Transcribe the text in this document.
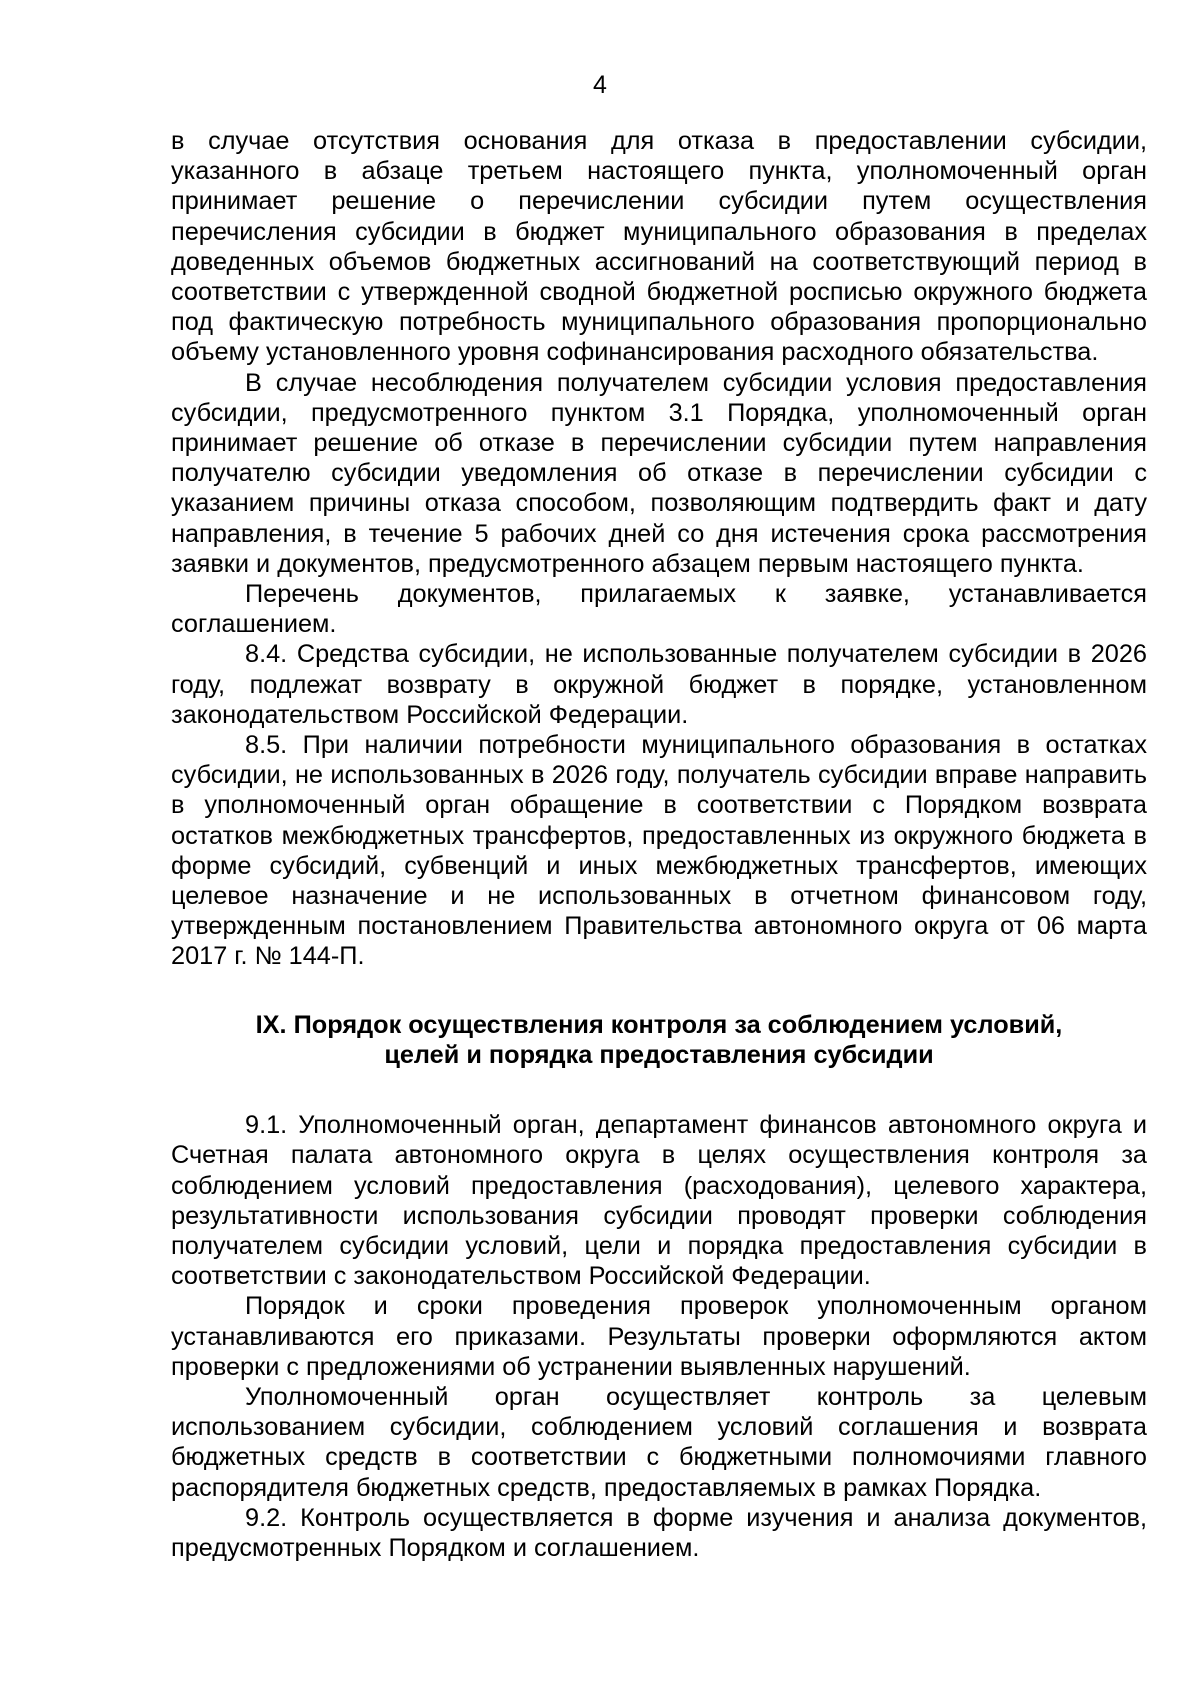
4

в случае отсутствия основания для отказа в предоставлении субсидии, указанного в абзаце третьем настоящего пункта, уполномоченный орган принимает решение о перечислении субсидии путем осуществления перечисления субсидии в бюджет муниципального образования в пределах доведенных объемов бюджетных ассигнований на соответствующий период в соответствии с утвержденной сводной бюджетной росписью окружного бюджета под фактическую потребность муниципального образования пропорционально объему установленного уровня софинансирования расходного обязательства.

В случае несоблюдения получателем субсидии условия предоставления субсидии, предусмотренного пунктом 3.1 Порядка, уполномоченный орган принимает решение об отказе в перечислении субсидии путем направления получателю субсидии уведомления об отказе в перечислении субсидии с указанием причины отказа способом, позволяющим подтвердить факт и дату направления, в течение 5 рабочих дней со дня истечения срока рассмотрения заявки и документов, предусмотренного абзацем первым настоящего пункта.

Перечень документов, прилагаемых к заявке, устанавливается соглашением.

8.4. Средства субсидии, не использованные получателем субсидии в 2026 году, подлежат возврату в окружной бюджет в порядке, установленном законодательством Российской Федерации.

8.5. При наличии потребности муниципального образования в остатках субсидии, не использованных в 2026 году, получатель субсидии вправе направить в уполномоченный орган обращение в соответствии с Порядком возврата остатков межбюджетных трансфертов, предоставленных из окружного бюджета в форме субсидий, субвенций и иных межбюджетных трансфертов, имеющих целевое назначение и не использованных в отчетном финансовом году, утвержденным постановлением Правительства автономного округа от 06 марта 2017 г. № 144-П.

IX. Порядок осуществления контроля за соблюдением условий,
целей и порядка предоставления субсидии

9.1. Уполномоченный орган, департамент финансов автономного округа и Счетная палата автономного округа в целях осуществления контроля за соблюдением условий предоставления (расходования), целевого характера, результативности использования субсидии проводят проверки соблюдения получателем субсидии условий, цели и порядка предоставления субсидии в соответствии с законодательством Российской Федерации.

Порядок и сроки проведения проверок уполномоченным органом устанавливаются его приказами. Результаты проверки оформляются актом проверки с предложениями об устранении выявленных нарушений.

Уполномоченный орган осуществляет контроль за целевым использованием субсидии, соблюдением условий соглашения и возврата бюджетных средств в соответствии с бюджетными полномочиями главного распорядителя бюджетных средств, предоставляемых в рамках Порядка.

9.2. Контроль осуществляется в форме изучения и анализа документов, предусмотренных Порядком и соглашением.
